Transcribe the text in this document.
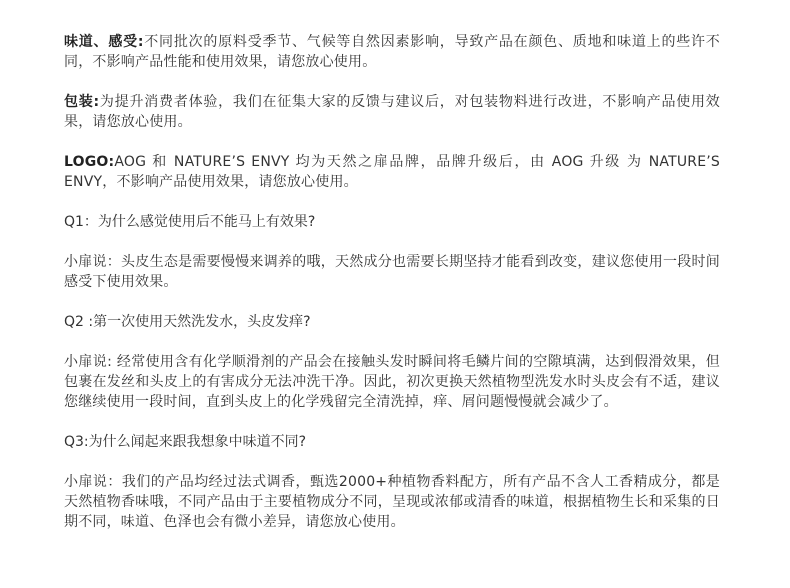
味道、感受:不同批次的原料受季节、气候等自然因素影响，导致产品在颜色、质地和味道上的些许不同，不影响产品性能和使用效果，请您放心使用。

包装:为提升消费者体验，我们在征集大家的反馈与建议后，对包装物料进行改进，不影响产品使用效果，请您放心使用。

LOGO:AOG 和 NATURE’S ENVY 均为天然之扉品牌，品牌升级后，由 AOG 升级 为 NATURE’S ENVY，不影响产品使用效果，请您放心使用。

Q1：为什么感觉使用后不能马上有效果?

小扉说：头皮生态是需要慢慢来调养的哦，天然成分也需要长期坚持才能看到改变，建议您使用一段时间感受下使用效果。

Q2 :第一次使用天然洗发水，头皮发痒?

小扉说: 经常使用含有化学顺滑剂的产品会在接触头发时瞬间将毛鳞片间的空隙填满，达到假滑效果，但包裹在发丝和头皮上的有害成分无法冲洗干净。因此，初次更换天然植物型洗发水时头皮会有不适，建议您继续使用一段时间，直到头皮上的化学残留完全清洗掉，痒、屑问题慢慢就会减少了。

Q3:为什么闻起来跟我想象中味道不同?

小扉说：我们的产品均经过法式调香，甄选2000+种植物香料配方，所有产品不含人工香精成分，都是天然植物香味哦，不同产品由于主要植物成分不同，呈现或浓郁或清香的味道，根据植物生长和采集的日期不同，味道、色泽也会有微小差异，请您放心使用。
